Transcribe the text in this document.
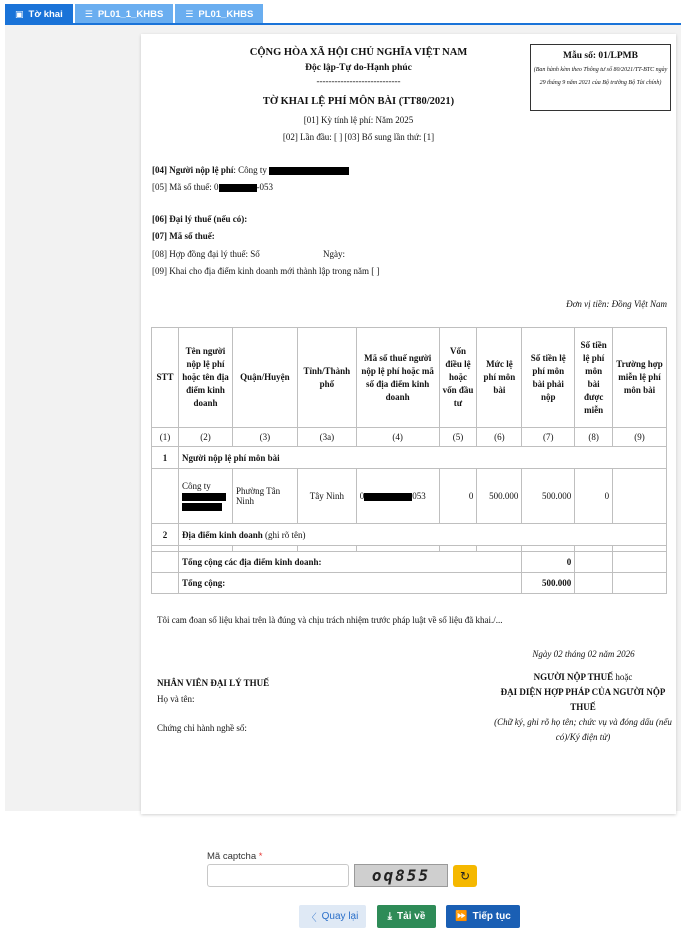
▣ Tờ khai ☰ PL01_1_KHBS ☰ PL01_KHBS
CỘNG HÒA XÃ HỘI CHỦ NGHĨA VIỆT NAM
Độc lập-Tự do-Hạnh phúc
----------------------------
TỜ KHAI LỆ PHÍ MÔN BÀI (TT80/2021)
[01] Kỳ tính lệ phí: Năm 2025
[02] Lần đầu: [ ] [03] Bổ sung lần thứ: [1]
Mẫu số: 01/LPMB
(Ban hành kèm theo Thông tư số 80/2021/TT-BTC ngày 29 tháng 9 năm 2021 của Bộ trưởng Bộ Tài chính)
[04] Người nộp lệ phí: Công ty
[05] Mã số thuế: 0	-053
[06] Đại lý thuế (nếu có):
[07] Mã số thuế:
[08] Hợp đồng đại lý thuế: Số	Ngày:
[09] Khai cho địa điểm kinh doanh mới thành lập trong năm [ ]
Đơn vị tiền: Đồng Việt Nam
STT	Tên người nộp lệ phí hoặc tên địa điểm kinh doanh	Quận/Huyện	Tỉnh/Thành phố	Mã số thuế người nộp lệ phí hoặc mã số địa điểm kinh doanh	Vốn điều lệ hoặc vốn đầu tư	Mức lệ phí môn bài	Số tiền lệ phí môn bài phải nộp	Số tiền lệ phí môn bài được miễn	Trường hợp miễn lệ phí môn bài
(1)	(2)	(3)	(3a)	(4)	(5)	(6)	(7)	(8)	(9)
1	Người nộp lệ phí môn bài								
	Công ty	Phường Tân Ninh	Tây Ninh	0 053	0	500.000	500.000	0	
2	Địa điểm kinh doanh (ghi rõ tên)								

	Tổng cộng các địa điểm kinh doanh:						0		
	Tổng cộng:						500.000		
Tôi cam đoan số liệu khai trên là đúng và chịu trách nhiệm trước pháp luật về số liệu đã khai./...
Ngày 02 tháng 02 năm 2026
NHÂN VIÊN ĐẠI LÝ THUẾ
Họ và tên:
Chứng chỉ hành nghề số:
NGƯỜI NỘP THUẾ hoặc
ĐẠI DIỆN HỢP PHÁP CỦA NGƯỜI NỘP THUẾ
(Chữ ký, ghi rõ họ tên; chức vụ và đóng dấu (nếu có)/Ký điện tử)
Mã captcha *
oq855	↻
〈 Quay lại	⤓ Tải về	⏩ Tiếp tục
